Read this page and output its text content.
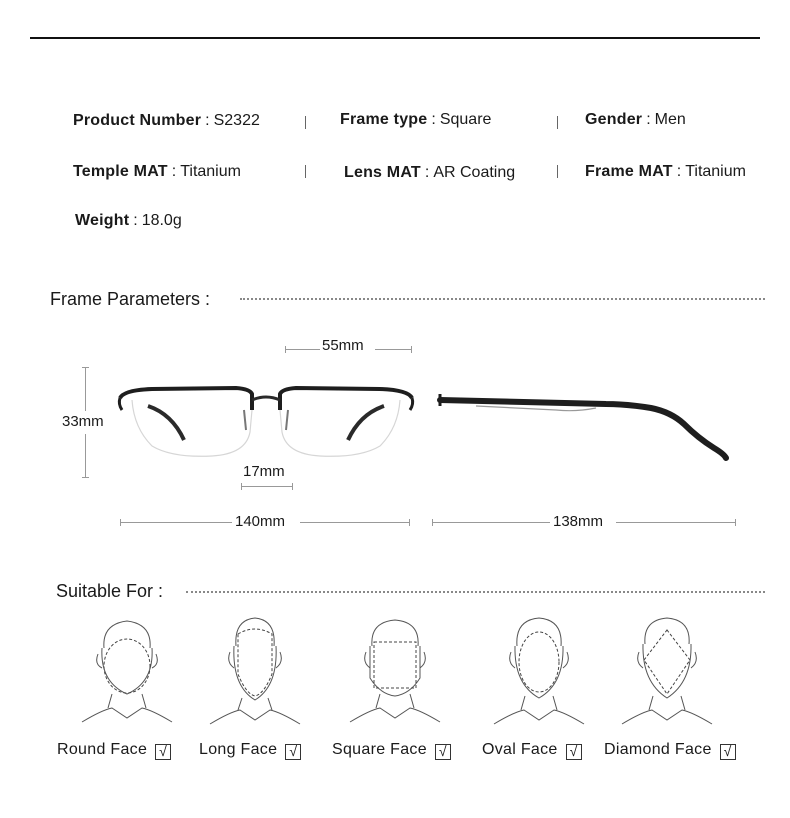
Product Number : S2322	Frame type : Square	Gender : Men
Temple MAT : Titanium	Lens MAT : AR Coating	Frame MAT : Titanium
Weight : 18.0g
Frame Parameters :
55mm
33mm
17mm
140mm	138mm
Suitable For :
Round Face √ Long Face √ Square Face √ Oval Face √ Diamond Face √
